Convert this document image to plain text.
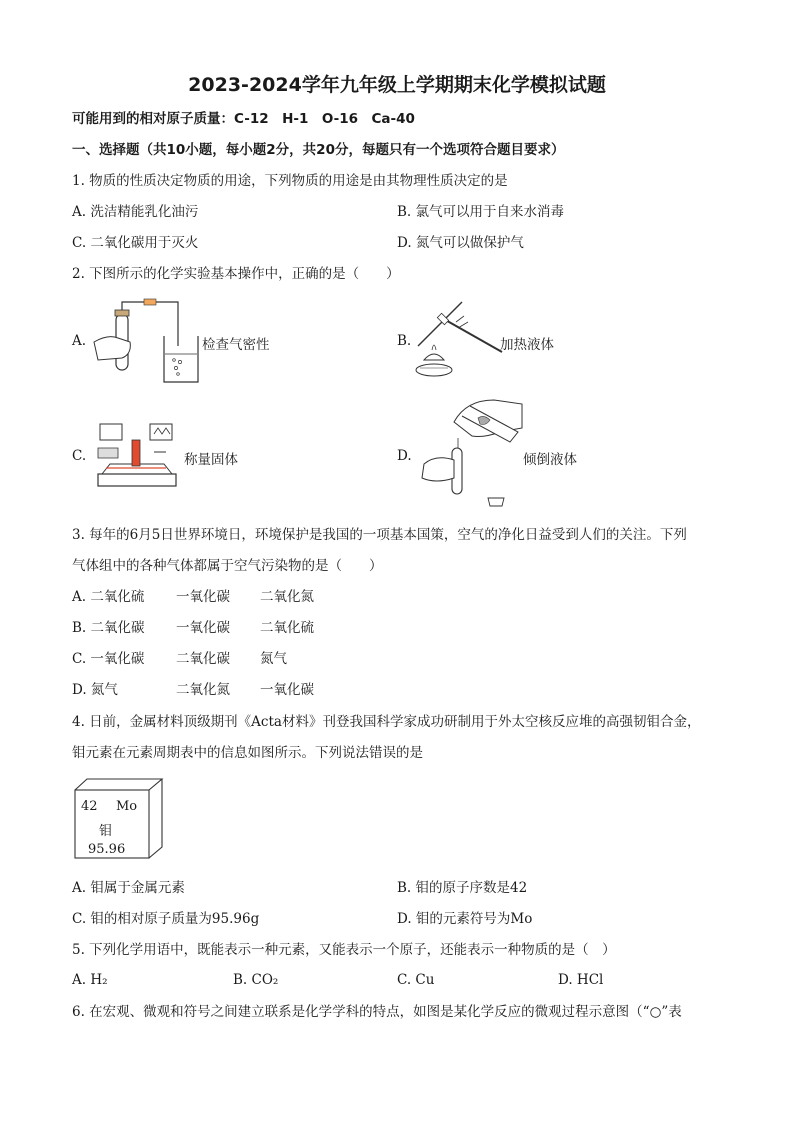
2023-2024学年九年级上学期期末化学模拟试题
可能用到的相对原子质量：C-12　H-1　O-16　Ca-40
一、选择题（共10小题，每小题2分，共20分，每题只有一个选项符合题目要求）
1. 物质的性质决定物质的用途，下列物质的用途是由其物理性质决定的是
A. 洗洁精能乳化油污	B. 氯气可以用于自来水消毒
C. 二氧化碳用于灭火	D. 氮气可以做保护气
2. 下图所示的化学实验基本操作中，正确的是（　　）
A.	检查气密性	B.	加热液体
C.	称量固体	D.	倾倒液体
3. 每年的6月5日世界环境日，环境保护是我国的一项基本国策，空气的净化日益受到人们的关注。下列
气体组中的各种气体都属于空气污染物的是（　　）
A. 二氧化硫 一氧化碳 二氧化氮
B. 二氧化碳 一氧化碳 二氧化硫
C. 一氧化碳 二氧化碳 氮气
D. 氮气	二氧化氮 一氧化碳
4. 日前，金属材料顶级期刊《Acta材料》刊登我国科学家成功研制用于外太空核反应堆的高强韧钼合金，
钼元素在元素周期表中的信息如图所示。下列说法错误的是
42 Mo
钼
95.96
A. 钼属于金属元素	B. 钼的原子序数是42
C. 钼的相对原子质量为95.96g	D. 钼的元素符号为Mo
5. 下列化学用语中，既能表示一种元素，又能表示一个原子，还能表示一种物质的是（　）
A. H₂	B. CO₂	C. Cu	D. HCl
6. 在宏观、微观和符号之间建立联系是化学学科的特点，如图是某化学反应的微观过程示意图（“○”表
